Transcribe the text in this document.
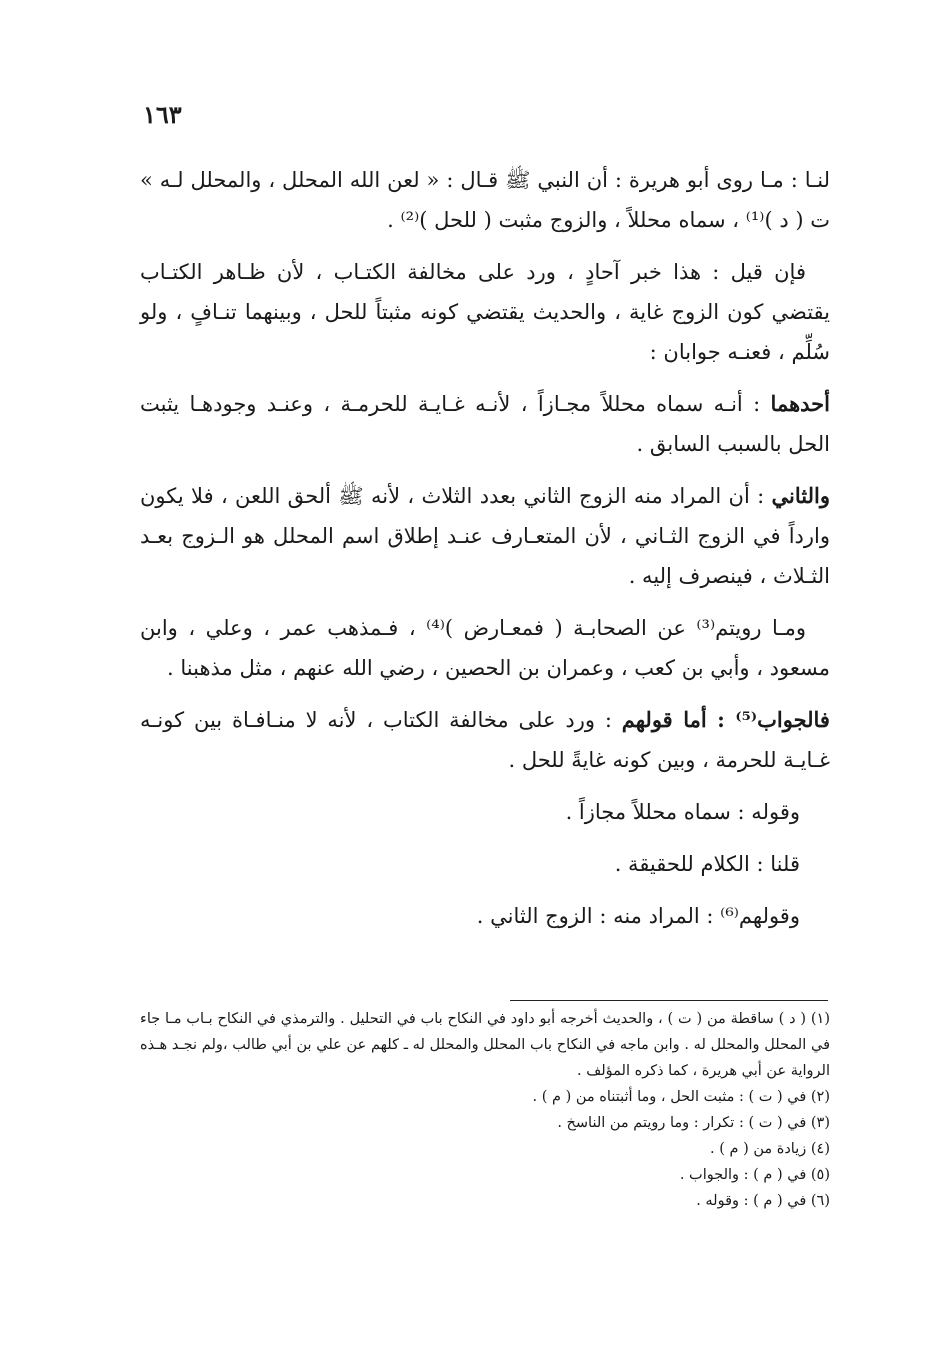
١٦٣

لنـا : مـا روى أبو هريرة : أن النبي ﷺ قـال : « لعن الله المحلل ، والمحلل لـه » ت ( د )⁽¹⁾ ، سماه محللاً ، والزوج مثبت ( للحل )⁽²⁾ .

فإن قيل : هذا خبر آحادٍ ، ورد على مخالفة الكتـاب ، لأن ظـاهر الكتـاب يقتضي كون الزوج غاية ، والحديث يقتضي كونه مثبتاً للحل ، وبينهما تنـافٍ ، ولو سُلِّم ، فعنـه جوابان :

أحدهما : أنـه سماه محللاً مجـازاً ، لأنـه غـايـة للحرمـة ، وعنـد وجودهـا يثبت الحل بالسبب السابق .

والثاني : أن المراد منه الزوج الثاني بعدد الثلاث ، لأنه ﷺ ألحق اللعن ، فلا يكون وارداً في الزوج الثـاني ، لأن المتعـارف عنـد إطلاق اسم المحلل هو الـزوج بعـد الثـلاث ، فينصرف إليه .

ومـا رويتم⁽³⁾ عن الصحابـة ( فمعـارض )⁽⁴⁾ ، فـمذهب عمر ، وعلي ، وابن مسعود ، وأبي بن كعب ، وعمران بن الحصين ، رضي الله عنهم ، مثل مذهبنا .

فالجواب⁽⁵⁾ : أما قولهم : ورد على مخالفة الكتاب ، لأنه لا منـافـاة بين كونـه غـايـة للحرمة ، وبين كونه غايةً للحل .

وقوله : سماه محللاً مجازاً .

قلنا : الكلام للحقيقة .

وقولهم⁽⁶⁾ : المراد منه : الزوج الثاني .

(١) ( د ) ساقطة من ( ت ) ، والحديث أخرجه أبو داود في النكاح باب في التحليل . والترمذي في النكاح بـاب مـا جاء في المحلل والمحلل له . وابن ماجه في النكاح باب المحلل والمحلل له ـ كلهم عن علي بن أبي طالب ،ولم نجـد هـذه الرواية عن أبي هريرة ، كما ذكره المؤلف .

(٢) في ( ت ) : مثبت الحل ، وما أثبتناه من ( م ) .

(٣) في ( ت ) : تكرار : وما رويتم من الناسخ .

(٤) زيادة من ( م ) .

(٥) في ( م ) : والجواب .

(٦) في ( م ) : وقوله .
